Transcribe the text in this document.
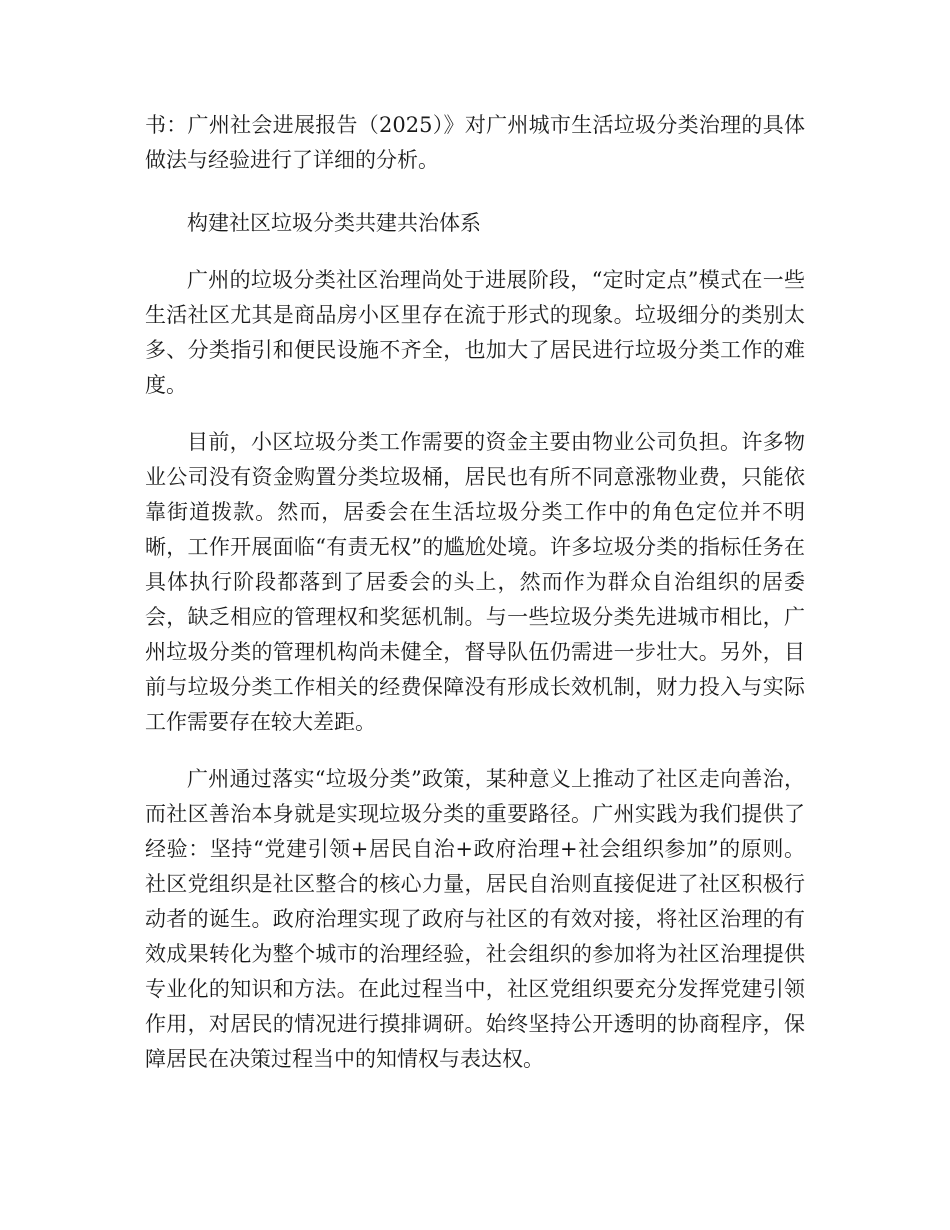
书：广州社会进展报告（2025）》对广州城市生活垃圾分类治理的具体做法与经验进行了详细的分析。

构建社区垃圾分类共建共治体系

广州的垃圾分类社区治理尚处于进展阶段，“定时定点”模式在一些生活社区尤其是商品房小区里存在流于形式的现象。垃圾细分的类别太多、分类指引和便民设施不齐全，也加大了居民进行垃圾分类工作的难度。

目前，小区垃圾分类工作需要的资金主要由物业公司负担。许多物业公司没有资金购置分类垃圾桶，居民也有所不同意涨物业费，只能依靠街道拨款。然而，居委会在生活垃圾分类工作中的角色定位并不明晰，工作开展面临“有责无权”的尴尬处境。许多垃圾分类的指标任务在具体执行阶段都落到了居委会的头上，然而作为群众自治组织的居委会，缺乏相应的管理权和奖惩机制。与一些垃圾分类先进城市相比，广州垃圾分类的管理机构尚未健全，督导队伍仍需进一步壮大。另外，目前与垃圾分类工作相关的经费保障没有形成长效机制，财力投入与实际工作需要存在较大差距。

广州通过落实“垃圾分类”政策，某种意义上推动了社区走向善治，而社区善治本身就是实现垃圾分类的重要路径。广州实践为我们提供了经验：坚持“党建引领+居民自治+政府治理+社会组织参加”的原则。社区党组织是社区整合的核心力量，居民自治则直接促进了社区积极行动者的诞生。政府治理实现了政府与社区的有效对接，将社区治理的有效成果转化为整个城市的治理经验，社会组织的参加将为社区治理提供专业化的知识和方法。在此过程当中，社区党组织要充分发挥党建引领作用，对居民的情况进行摸排调研。始终坚持公开透明的协商程序，保障居民在决策过程当中的知情权与表达权。
